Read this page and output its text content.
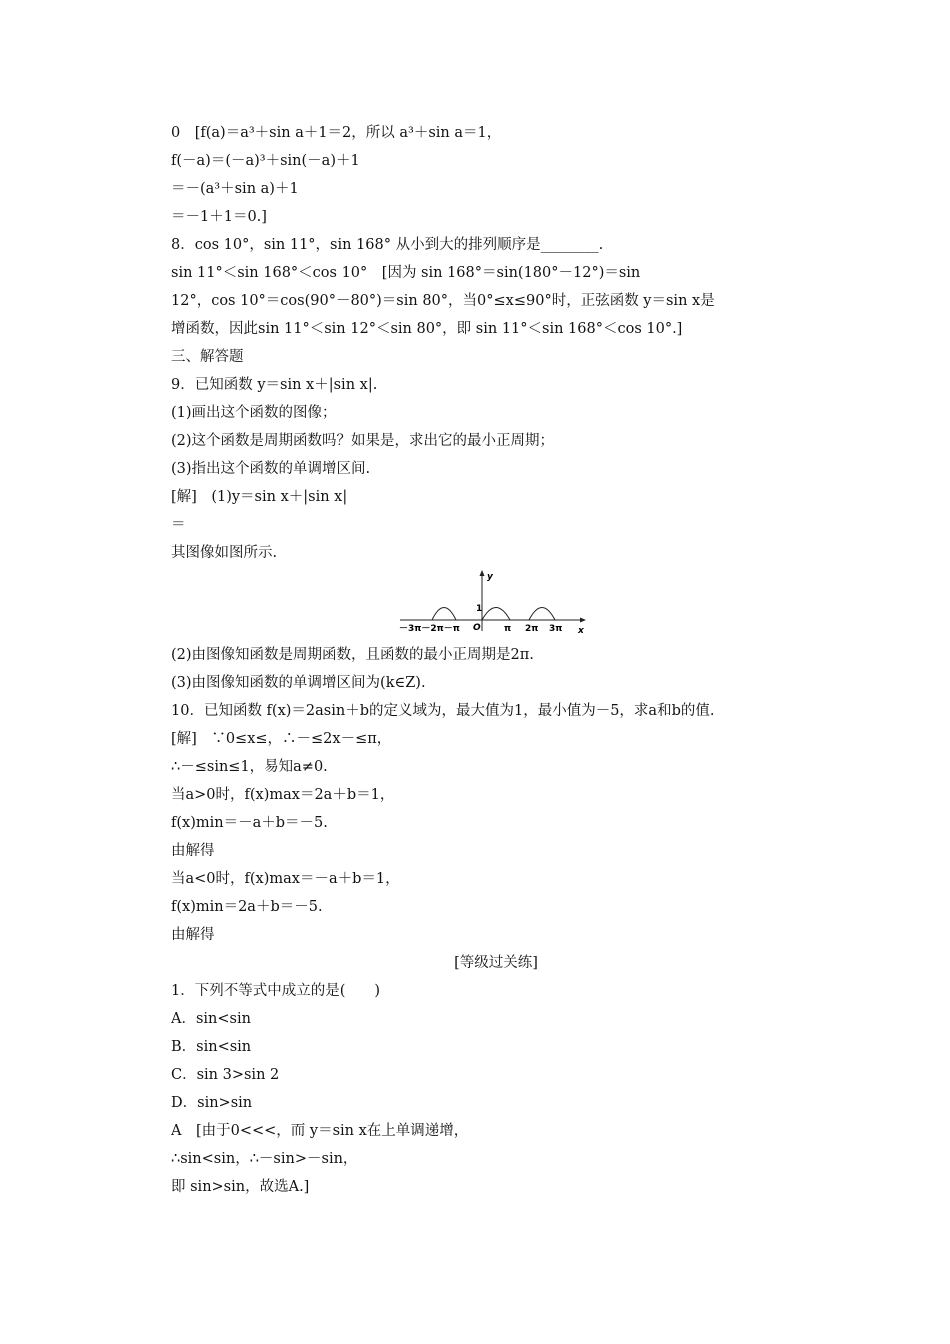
0　[f(a)＝a³＋sin a＋1＝2，所以 a³＋sin a＝1，
f(－a)＝(－a)³＋sin(－a)＋1
＝－(a³＋sin a)＋1
＝－1＋1＝0.]
8．cos 10°，sin 11°，sin 168° 从小到大的排列顺序是________.
sin 11°＜sin 168°＜cos 10°　[因为 sin 168°＝sin(180°－12°)＝sin
12°，cos 10°＝cos(90°－80°)＝sin 80°，当0°≤x≤90°时，正弦函数 y＝sin x是
增函数，因此sin 11°＜sin 12°＜sin 80°，即 sin 11°＜sin 168°＜cos 10°.]
三、解答题
9．已知函数 y＝sin x＋|sin x|.
(1)画出这个函数的图像；
(2)这个函数是周期函数吗？如果是，求出它的最小正周期；
(3)指出这个函数的单调增区间.
[解]　(1)y＝sin x＋|sin x|
＝
其图像如图所示.
y
x
O
1
－3π－2π－π	π 2π 3π
(2)由图像知函数是周期函数，且函数的最小正周期是2π.
(3)由图像知函数的单调增区间为(k∈Z).
10．已知函数 f(x)＝2asin＋b的定义域为，最大值为1，最小值为－5，求a和b的值.
[解]　∵0≤x≤，∴－≤2x－≤π，
∴－≤sin≤1，易知a≠0.
当a>0时，f(x)max＝2a＋b＝1，
f(x)min＝－a＋b＝－5.
由解得
当a<0时，f(x)max＝－a＋b＝1，
f(x)min＝2a＋b＝－5.
由解得
[等级过关练]
1．下列不等式中成立的是(　　)
A．sin<sin
B．sin<sin
C．sin 3>sin 2
D．sin>sin
A　[由于0<<<，而 y＝sin x在上单调递增，
∴sin<sin，∴－sin>－sin，
即 sin>sin，故选A.]
